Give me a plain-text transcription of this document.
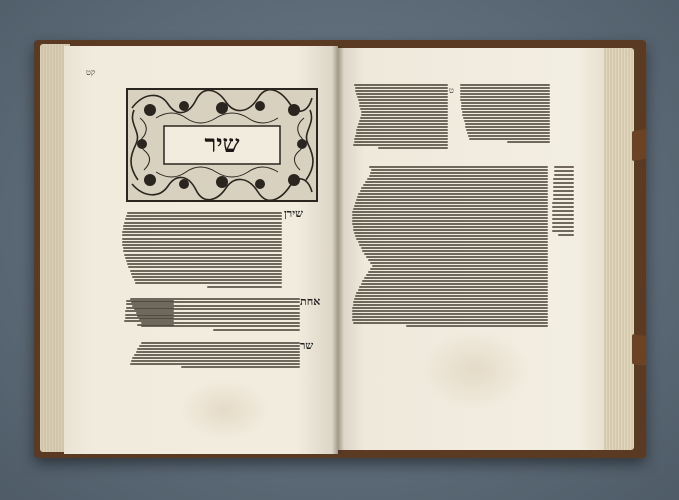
קט
ט
שיר
שירן
אחת
שר
